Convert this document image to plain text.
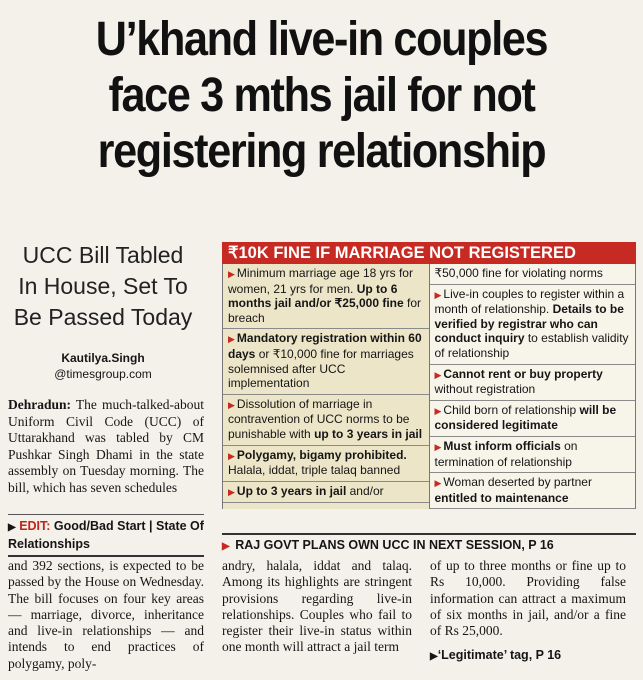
U’khand live-in couples
face 3 mths jail for not
registering relationship
UCC Bill Tabled
In House, Set To
Be Passed Today
Kautilya.Singh
@timesgroup.com
Dehradun: The much-talked-about Uniform Civil Code (UCC) of Uttarakhand was tabled by CM Pushkar Singh Dhami in the state assembly on Tuesday morning. The bill, which has seven schedules
▶ EDIT: Good/Bad Start | State Of Relationships
₹10K FINE IF MARRIAGE NOT REGISTERED
▶ Minimum marriage age 18 yrs for women, 21 yrs for men. Up to 6 months jail and/or ₹25,000 fine for breach
▶ Mandatory registration within 60 days or ₹10,000 fine for marriages solemnised after UCC implementation
▶ Dissolution of marriage in contravention of UCC norms to be punishable with up to 3 years in jail
▶ Polygamy, bigamy prohibited. Halala, iddat, triple talaq banned
▶ Up to 3 years in jail and/or
₹50,000 fine for violating norms
▶ Live-in couples to register within a month of relationship. Details to be verified by registrar who can conduct inquiry to establish validity of relationship
▶ Cannot rent or buy property without registration
▶ Child born of relationship will be considered legitimate
▶ Must inform officials on termination of relationship
▶ Woman deserted by partner entitled to maintenance
▶ RAJ GOVT PLANS OWN UCC IN NEXT SESSION, P 16
and 392 sections, is expected to be passed by the House on Wednesday. The bill focuses on four key areas — marriage, divorce, inheritance and live-in relationships — and intends to end practices of polygamy, poly-
andry, halala, iddat and talaq. Among its highlights are stringent provisions regarding live-in relationships. Couples who fail to register their live-in status within one month will attract a jail term
of up to three months or fine up to Rs 10,000. Providing false information can attract a maximum of six months in jail, and/or a fine of Rs 25,000.
▶‘Legitimate’ tag, P 16
